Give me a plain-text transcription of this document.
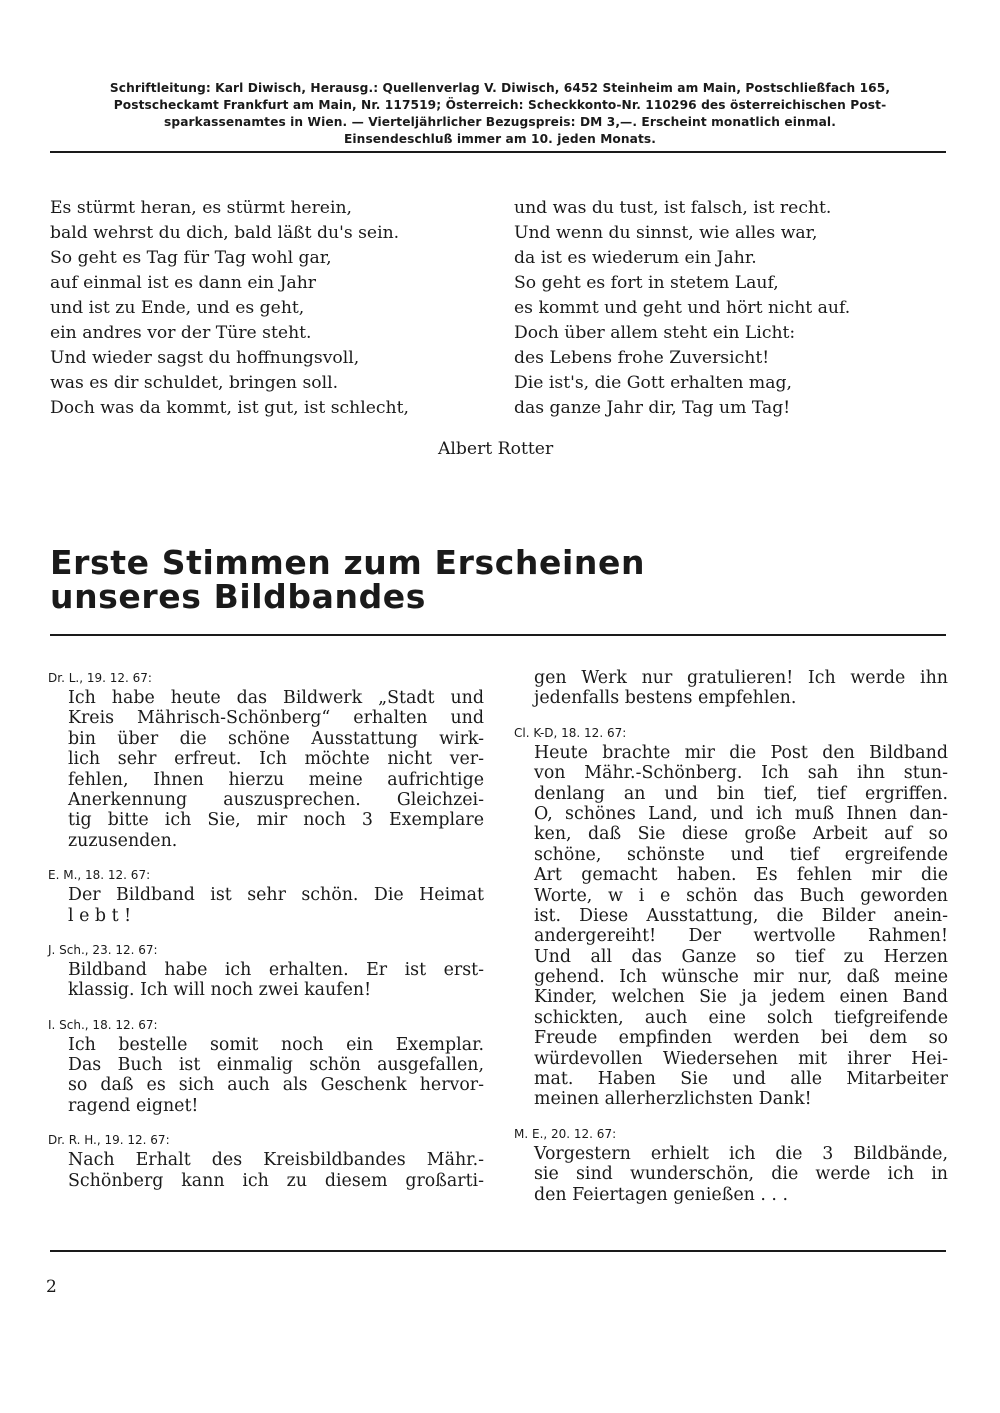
Schriftleitung: Karl Diwisch, Herausg.: Quellenverlag V. Diwisch, 6452 Steinheim am Main, Postschließfach 165,
Postscheckamt Frankfurt am Main, Nr. 117519; Österreich: Scheckkonto-Nr. 110296 des österreichischen Post-
sparkassenamtes in Wien. — Vierteljährlicher Bezugspreis: DM 3,—. Erscheint monatlich einmal.
Einsendeschluß immer am 10. jeden Monats.
Es stürmt heran, es stürmt herein,
bald wehrst du dich, bald läßt du's sein.
So geht es Tag für Tag wohl gar,
auf einmal ist es dann ein Jahr
und ist zu Ende, und es geht,
ein andres vor der Türe steht.
Und wieder sagst du hoffnungsvoll,
was es dir schuldet, bringen soll.
Doch was da kommt, ist gut, ist schlecht,
und was du tust, ist falsch, ist recht.
Und wenn du sinnst, wie alles war,
da ist es wiederum ein Jahr.
So geht es fort in stetem Lauf,
es kommt und geht und hört nicht auf.
Doch über allem steht ein Licht:
des Lebens frohe Zuversicht!
Die ist's, die Gott erhalten mag,
das ganze Jahr dir, Tag um Tag!
Albert Rotter
Erste Stimmen zum Erscheinen
unseres Bildbandes
Dr. L., 19. 12. 67:
Ich habe heute das Bildwerk „Stadt und
Kreis Mährisch-Schönberg“ erhalten und
bin über die schöne Ausstattung wirk-
lich sehr erfreut. Ich möchte nicht ver-
fehlen, Ihnen hierzu meine aufrichtige
Anerkennung auszusprechen. Gleichzei-
tig bitte ich Sie, mir noch 3 Exemplare
zuzusenden.
E. M., 18. 12. 67:
Der Bildband ist sehr schön. Die Heimat
l e b t !
J. Sch., 23. 12. 67:
Bildband habe ich erhalten. Er ist erst-
klassig. Ich will noch zwei kaufen!
I. Sch., 18. 12. 67:
Ich bestelle somit noch ein Exemplar.
Das Buch ist einmalig schön ausgefallen,
so daß es sich auch als Geschenk hervor-
ragend eignet!
Dr. R. H., 19. 12. 67:
Nach Erhalt des Kreisbildbandes Mähr.-
Schönberg kann ich zu diesem großarti-
gen Werk nur gratulieren! Ich werde ihn
jedenfalls bestens empfehlen.
Cl. K-D, 18. 12. 67:
Heute brachte mir die Post den Bildband
von Mähr.-Schönberg. Ich sah ihn stun-
denlang an und bin tief, tief ergriffen.
O, schönes Land, und ich muß Ihnen dan-
ken, daß Sie diese große Arbeit auf so
schöne, schönste und tief ergreifende
Art gemacht haben. Es fehlen mir die
Worte, w i e schön das Buch geworden
ist. Diese Ausstattung, die Bilder anein-
andergereiht! Der wertvolle Rahmen!
Und all das Ganze so tief zu Herzen
gehend. Ich wünsche mir nur, daß meine
Kinder, welchen Sie ja jedem einen Band
schickten, auch eine solch tiefgreifende
Freude empfinden werden bei dem so
würdevollen Wiedersehen mit ihrer Hei-
mat. Haben Sie und alle Mitarbeiter
meinen allerherzlichsten Dank!
M. E., 20. 12. 67:
Vorgestern erhielt ich die 3 Bildbände,
sie sind wunderschön, die werde ich in
den Feiertagen genießen . . .
2
